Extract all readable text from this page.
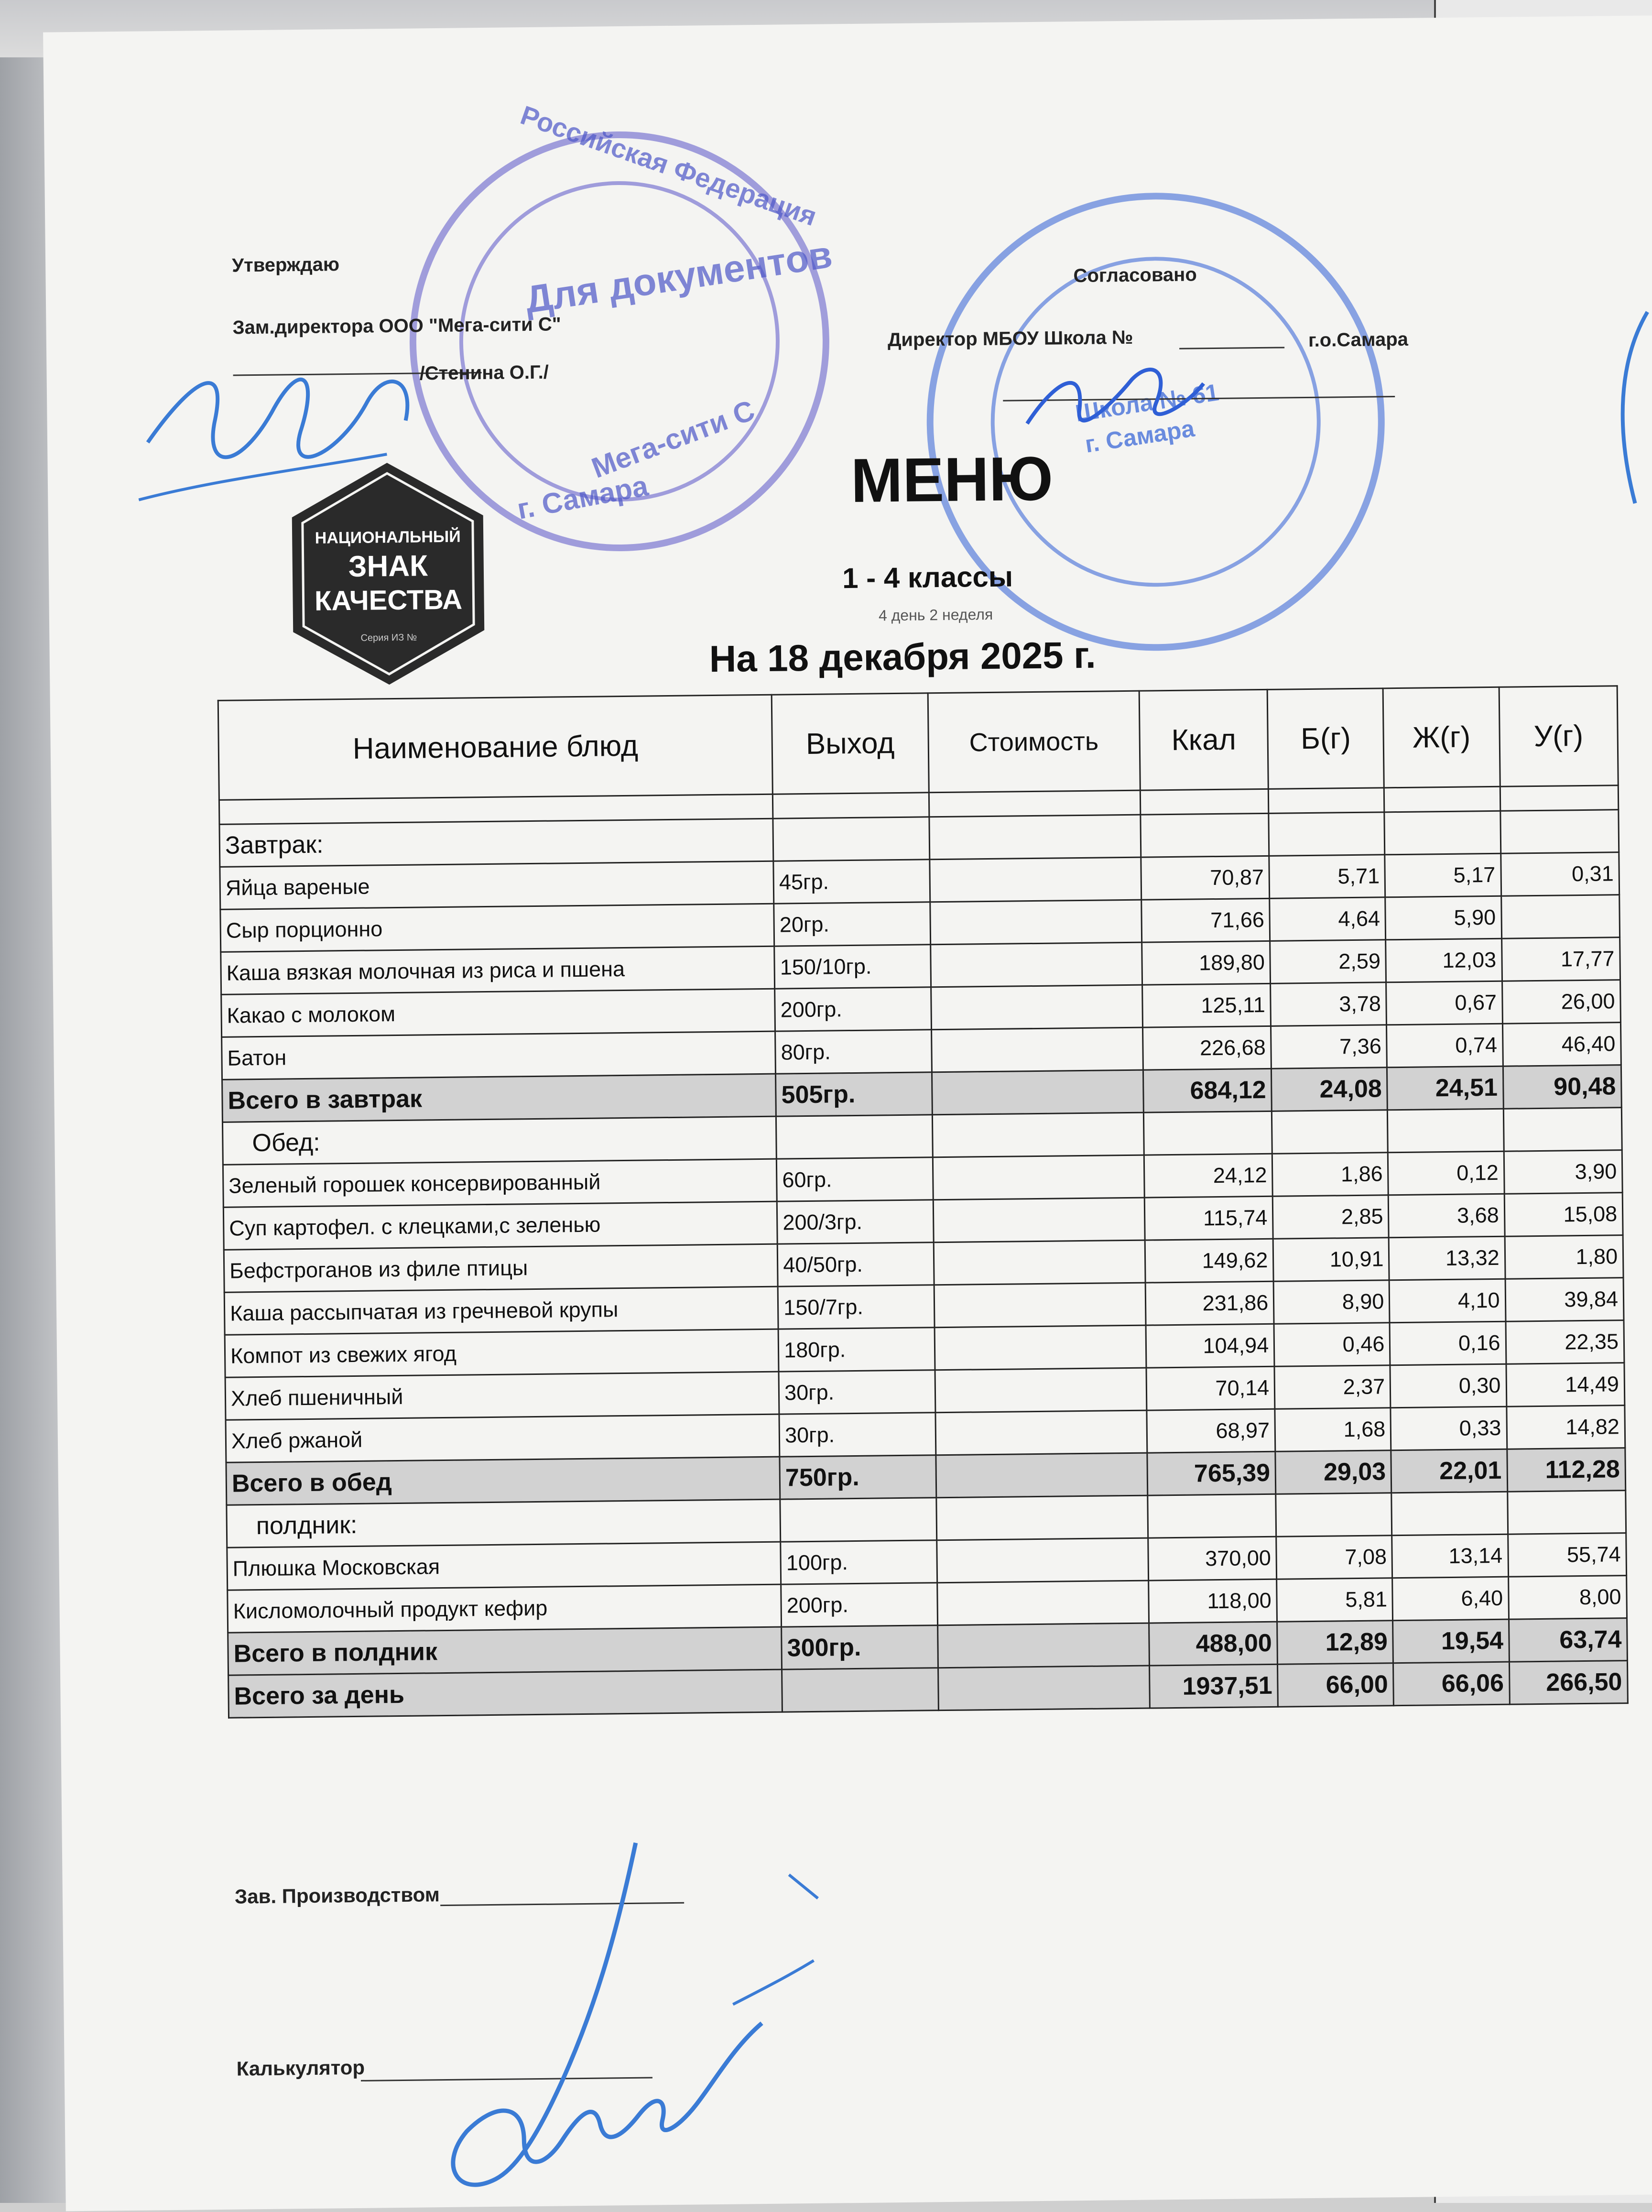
Для документов
Российская Федерация
Мега-сити С
г. Самара
Школа № 61
г. Самара
Утверждаю
Зам.директора ООО "Мега-сити С"
/Стенина О.Г./
Согласовано
Директор МБОУ Школа №	г.о.Самара
НАЦИОНАЛЬНЫЙ
ЗНАК
КАЧЕСТВА
Серия ИЗ №
МЕНЮ
1 - 4 классы
4 день 2 неделя
На 18 декабря 2025 г.
Наименование блюд	Выход	Стоимость	Ккал	Б(г)	Ж(г)	У(г)

Завтрак:						
Яйца вареные	45гр.		70,87	5,71	5,17	0,31
Сыр порционно	20гр.		71,66	4,64	5,90	
Каша вязкая молочная из риса и пшена	150/10гр.		189,80	2,59	12,03	17,77
Какао с молоком	200гр.		125,11	3,78	0,67	26,00
Батон	80гр.		226,68	7,36	0,74	46,40
Всего в завтрак	505гр.		684,12	24,08	24,51	90,48
Обед:						
Зеленый горошек консервированный	60гр.		24,12	1,86	0,12	3,90
Суп картофел. с клецками,с зеленью	200/3гр.		115,74	2,85	3,68	15,08
Бефстроганов из филе птицы	40/50гр.		149,62	10,91	13,32	1,80
Каша рассыпчатая из гречневой крупы	150/7гр.		231,86	8,90	4,10	39,84
Компот из свежих ягод	180гр.		104,94	0,46	0,16	22,35
Хлеб пшеничный	30гр.		70,14	2,37	0,30	14,49
Хлеб ржаной	30гр.		68,97	1,68	0,33	14,82
Всего в обед	750гр.		765,39	29,03	22,01	112,28
полдник:						
Плюшка Московская	100гр.		370,00	7,08	13,14	55,74
Кисломолочный продукт кефир	200гр.		118,00	5,81	6,40	8,00
Всего в полдник	300гр.		488,00	12,89	19,54	63,74
Всего за день			1937,51	66,00	66,06	266,50
Зав. Производством
Калькулятор
